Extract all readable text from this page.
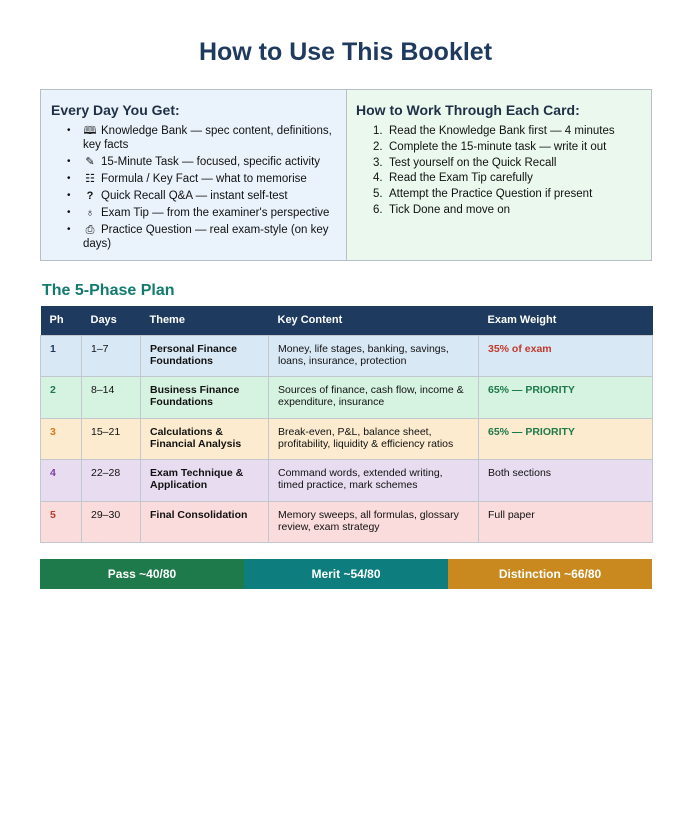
How to Use This Booklet
Every Day You Get:
• 🕮 Knowledge Bank — spec content, definitions, key facts
• ✎ 15-Minute Task — focused, specific activity
• ☷ Formula / Key Fact — what to memorise
• ? Quick Recall Q&A — instant self-test
• ♁ Exam Tip — from the examiner's perspective
• ⎙ Practice Question — real exam-style (on key days)
How to Work Through Each Card:
1. Read the Knowledge Bank first — 4 minutes
2. Complete the 15-minute task — write it out
3. Test yourself on the Quick Recall
4. Read the Exam Tip carefully
5. Attempt the Practice Question if present
6. Tick Done and move on
The 5-Phase Plan
Ph	Days	Theme	Key Content	Exam Weight
1	1–7	Personal Finance Foundations	Money, life stages, banking, savings, loans, insurance, protection	35% of exam
2	8–14	Business Finance Foundations	Sources of finance, cash flow, income & expenditure, insurance	65% — PRIORITY
3	15–21	Calculations & Financial Analysis	Break-even, P&L, balance sheet, profitability, liquidity & efficiency ratios	65% — PRIORITY
4	22–28	Exam Technique & Application	Command words, extended writing, timed practice, mark schemes	Both sections
5	29–30	Final Consolidation	Memory sweeps, all formulas, glossary review, exam strategy	Full paper
Pass ~40/80	Merit ~54/80	Distinction ~66/80
